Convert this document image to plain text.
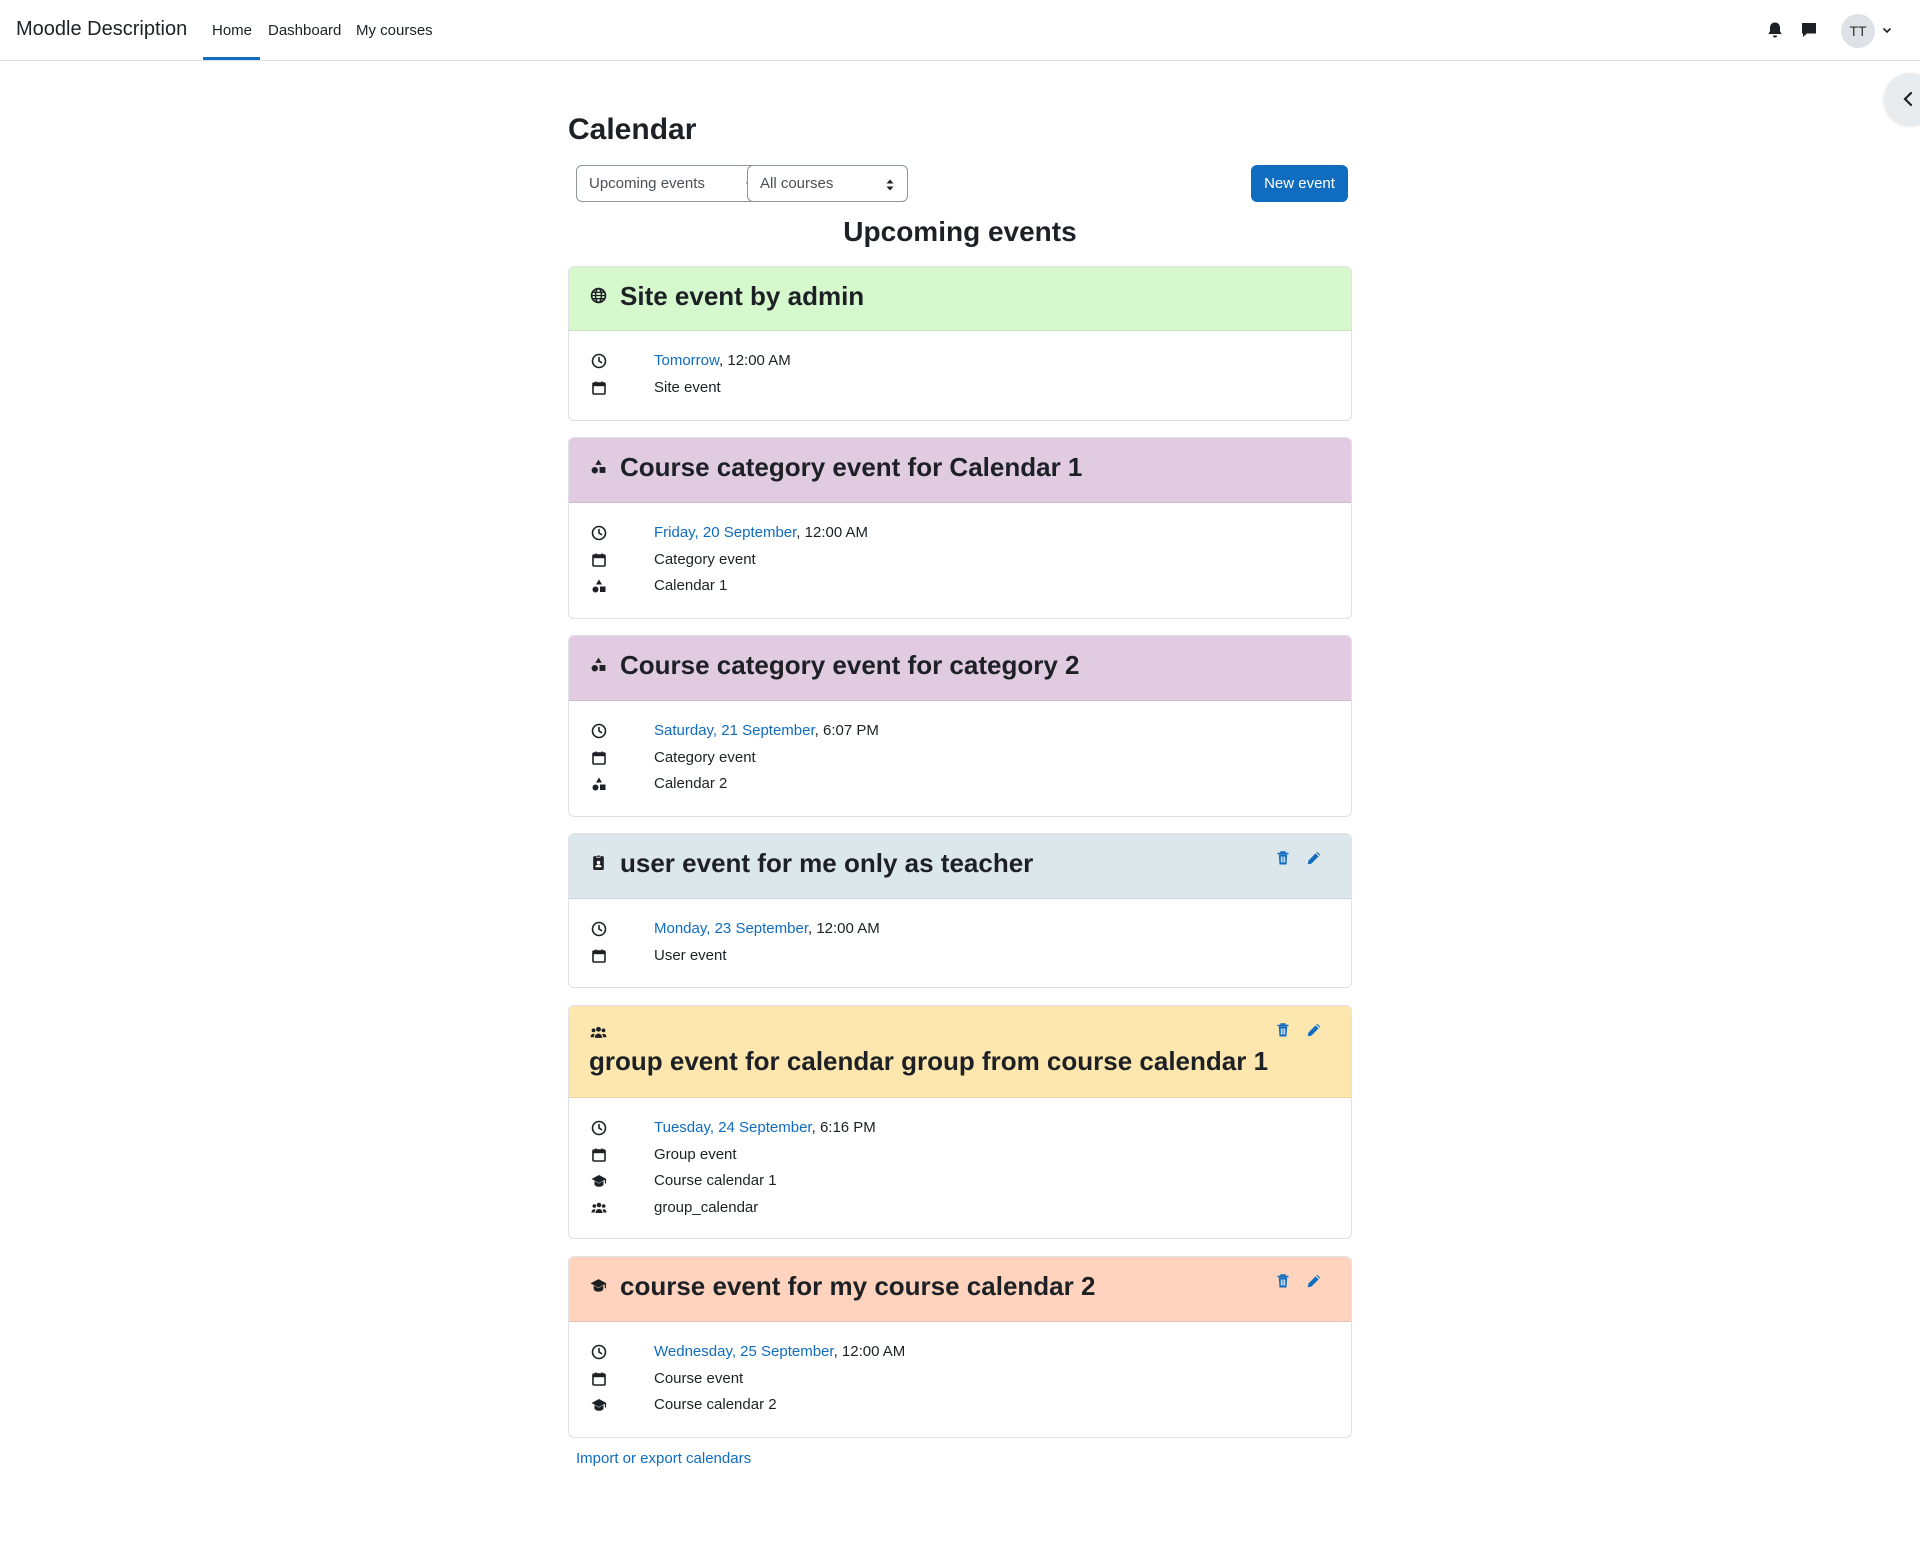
Moodle Description Home Dashboard My courses	TT
Calendar
Upcoming events	All courses	New event
Upcoming events
Site event by admin
Tomorrow, 12:00 AM
Site event
Course category event for Calendar 1
Friday, 20 September, 12:00 AM
Category event
Calendar 1
Course category event for category 2
Saturday, 21 September, 6:07 PM
Category event
Calendar 2
user event for me only as teacher
Monday, 23 September, 12:00 AM
User event
group event for calendar group from course calendar 1
Tuesday, 24 September, 6:16 PM
Group event
Course calendar 1
group_calendar
course event for my course calendar 2
Wednesday, 25 September, 12:00 AM
Course event
Course calendar 2
Import or export calendars
